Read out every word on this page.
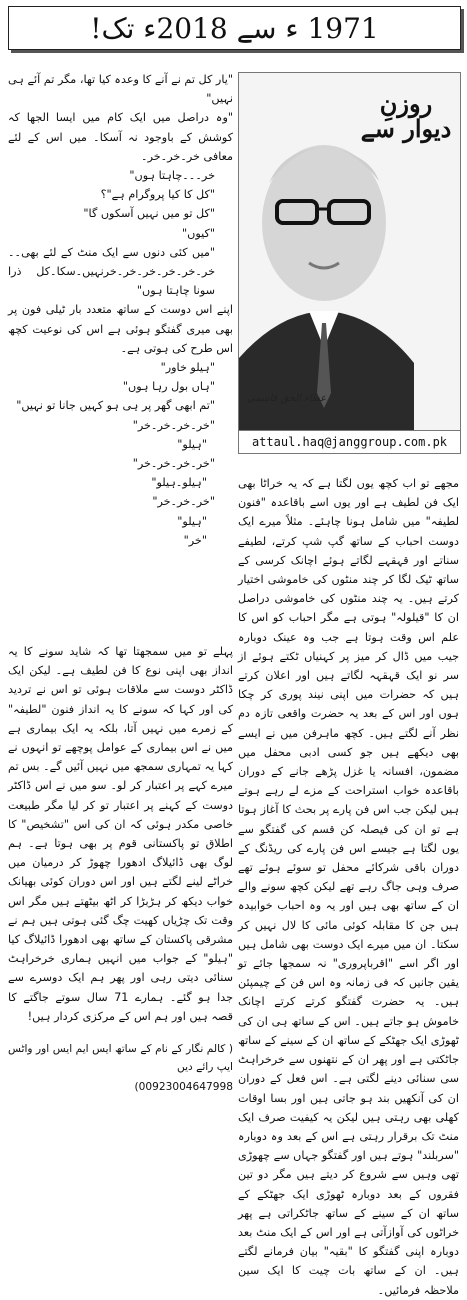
1971 ء سے 2018ء تک!

"یار کل تم نے آنے کا وعدہ کیا تھا، مگر تم آئے ہی نہیں"

"وہ دراصل میں ایک کام میں ایسا الجھا کہ کوشش کے باوجود نہ آسکا۔ میں اس کے لئے معافی خر۔خر۔خر۔

خر۔۔۔چاہتا ہوں"

"کل کا کیا پروگرام ہے"؟

"کل تو میں نہیں آسکوں گا"

"کیوں"

"میں کئی دنوں سے ایک منٹ کے لئے بھی۔۔ خر۔خر۔خر۔خر۔خر۔خرنہیں۔سکا۔کل ذرا سونا چاہتا ہوں"

اپنے اس دوست کے ساتھ متعدد بار ٹیلی فون پر بھی میری گفتگو ہوئی ہے اس کی نوعیت کچھ اس طرح کی ہوتی ہے۔

"ہیلو خاور"

"ہاں بول رہا ہوں"

"تم ابھی گھر پر ہی ہو کہیں جانا تو نہیں"

"خر۔خر۔خر۔خر"

"ہیلو"

"خر۔خر۔خر۔خر"

"ہیلو۔ہیلو"

"خر۔خر۔خر"

"ہیلو"

"خر"

روزنِ
دیوار سے
عطاء الحق قاسمی
attaul.haq@janggroup.com.pk

مجھے تو اب کچھ یوں لگتا ہے کہ یہ خراٹا بھی ایک فن لطیف ہے اور یوں اسے باقاعدہ "فنون لطیفہ" میں شامل ہونا چاہئے۔ مثلاً میرے ایک دوست احباب کے ساتھ گپ شپ کرتے، لطیفے سناتے اور قہقہے لگاتے ہوئے اچانک کرسی کے ساتھ ٹیک لگا کر چند منٹوں کی خاموشی اختیار کرتے ہیں۔ یہ چند منٹوں کی خاموشی دراصل ان کا "قیلولہ" ہوتی ہے مگر احباب کو اس کا علم اس وقت ہوتا ہے جب وہ عینک دوبارہ جیب میں ڈال کر میز پر کہنیاں ٹکتے ہوئے از سر نو ایک قہقہہ لگاتے ہیں اور اعلان کرتے ہیں کہ حضرات میں اپنی نیند پوری کر چکا ہوں اور اس کے بعد یہ حضرت واقعی تازہ دم نظر آنے لگتے ہیں۔ کچھ ماہرفن میں نے ایسے بھی دیکھے ہیں جو کسی ادبی محفل میں مضمون، افسانہ یا غزل پڑھے جانے کے دوران باقاعدہ خواب استراحت کے مزے لے رہے ہوتے ہیں لیکن جب اس فن پارے پر بحث کا آغاز ہوتا ہے تو ان کی فیصلہ کن قسم کی گفتگو سے یوں لگتا ہے جیسے اس فن پارے کی ریڈنگ کے دوران باقی شرکائے محفل تو سوئے ہوئے تھے صرف وہی جاگ رہے تھے لیکن کچھ سونے والے ان کے ساتھ بھی ہیں اور یہ وہ احباب خوابیدہ ہیں جن کا مقابلہ کوئی مائی کا لال نہیں کر سکتا۔ ان میں میرے ایک دوست بھی شامل ہیں اور اگر اسے "اقرباپروری" نہ سمجھا جائے تو یقین جانیں کہ فی زمانہ وہ اس فن کے چیمپئن ہیں۔ یہ حضرت گفتگو کرتے کرتے اچانک خاموش ہو جاتے ہیں۔ اس کے ساتھ ہی ان کی ٹھوڑی ایک جھٹکے کے ساتھ ان کے سینے کے ساتھ جاٹکتی ہے اور پھر ان کے نتھنوں سے خرخراہٹ سی سنائی دینے لگتی ہے۔ اس فعل کے دوران ان کی آنکھیں بند ہو جاتی ہیں اور بسا اوقات کھلی بھی رہتی ہیں لیکن یہ کیفیت صرف ایک منٹ تک برقرار رہتی ہے اس کے بعد وہ دوبارہ "سربلند" ہوتے ہیں اور گفتگو جہاں سے چھوڑی تھی وہیں سے شروع کر دیتے ہیں مگر دو تین فقروں کے بعد دوبارہ ٹھوڑی ایک جھٹکے کے ساتھ ان کے سینے کے ساتھ جاٹکراتی ہے پھر خراٹوں کی آوازآتی ہے اور اس کے ایک منٹ بعد دوبارہ اپنی گفتگو کا "بقیہ" بیان فرمانے لگتے ہیں۔ ان کے ساتھ بات چیت کا ایک سین ملاحظہ فرمائیں۔

پہلے تو میں سمجھتا تھا کہ شاید سونے کا یہ انداز بھی اپنی نوع کا فن لطیف ہے۔ لیکن ایک ڈاکٹر دوست سے ملاقات ہوئی تو اس نے تردید کی اور کہا کہ سونے کا یہ انداز فنون "لطیفہ" کے زمرے میں نہیں آتا، بلکہ یہ ایک بیماری ہے میں نے اس بیماری کے عوامل پوچھے تو انہوں نے کہا یہ تمہاری سمجھ میں نہیں آئیں گے۔ بس تم میرے کہے پر اعتبار کر لو۔ سو میں نے اس ڈاکٹر دوست کے کہنے پر اعتبار تو کر لیا مگر طبیعت خاصی مکدر ہوئی کہ ان کی اس "تشخیص" کا اطلاق تو پاکستانی قوم پر بھی ہوتا ہے۔ ہم لوگ بھی ڈائیلاگ ادھورا چھوڑ کر درمیان میں خراٹے لینے لگتے ہیں اور اس دوران کوئی بھیانک خواب دیکھ کر ہڑبڑا کر اٹھ بیٹھتے ہیں مگر اس وقت تک چڑیاں کھیت چگ گئی ہوتی ہیں ہم نے مشرقی پاکستان کے ساتھ بھی ادھورا ڈائیلاگ کیا "ہیلو" کے جواب میں انہیں ہماری خرخراہٹ سنائی دیتی رہی اور پھر ہم ایک دوسرے سے جدا ہو گئے۔ ہمارے 71 سال سوتے جاگتے کا قصہ ہیں اور ہم اس کے مرکزی کردار ہیں!

( کالم نگار کے نام کے ساتھ ایس ایم ایس اور واٹس ایپ رائے دیں
00923004647998)
